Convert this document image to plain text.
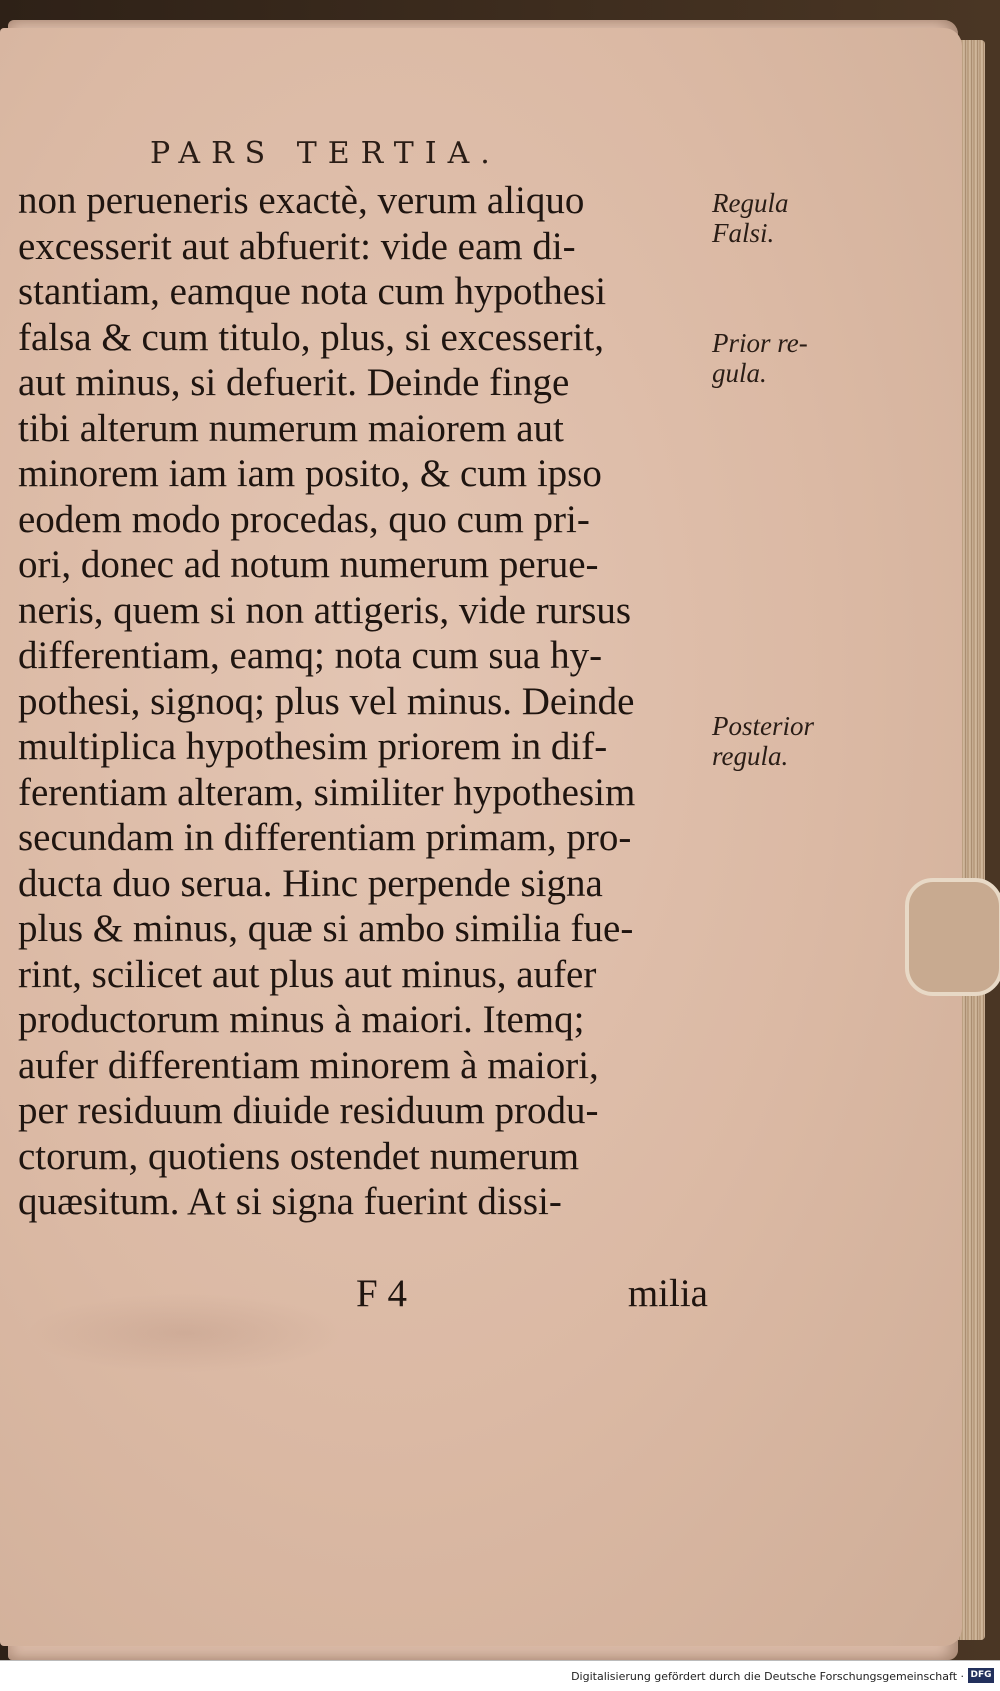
PARS TERTIA.
non perueneris exactè, verum aliquo
excesserit aut abfuerit: vide eam di-
stantiam, eamque nota cum hypothesi
falsa & cum titulo, plus, si excesserit,
aut minus, si defuerit. Deinde finge
tibi alterum numerum maiorem aut
minorem iam iam posito, & cum ipso
eodem modo procedas, quo cum pri-
ori, donec ad notum numerum perue-
neris, quem si non attigeris, vide rursus
differentiam, eamq; nota cum sua hy-
pothesi, signoq; plus vel minus. Deinde
multiplica hypothesim priorem in dif-
ferentiam alteram, similiter hypothesim
secundam in differentiam primam, pro-
ducta duo serua. Hinc perpende signa
plus & minus, quæ si ambo similia fue-
rint, scilicet aut plus aut minus, aufer
productorum minus à maiori. Itemq;
aufer differentiam minorem à maiori,
per residuum diuide residuum produ-
ctorum, quotiens ostendet numerum
quæsitum. At si signa fuerint dissi-
F 4	milia
Regula
Falsi.
Prior re-
gula.
Posterior
regula.
Digitalisierung gefördert durch die Deutsche Forschungsgemeinschaft · DFG
